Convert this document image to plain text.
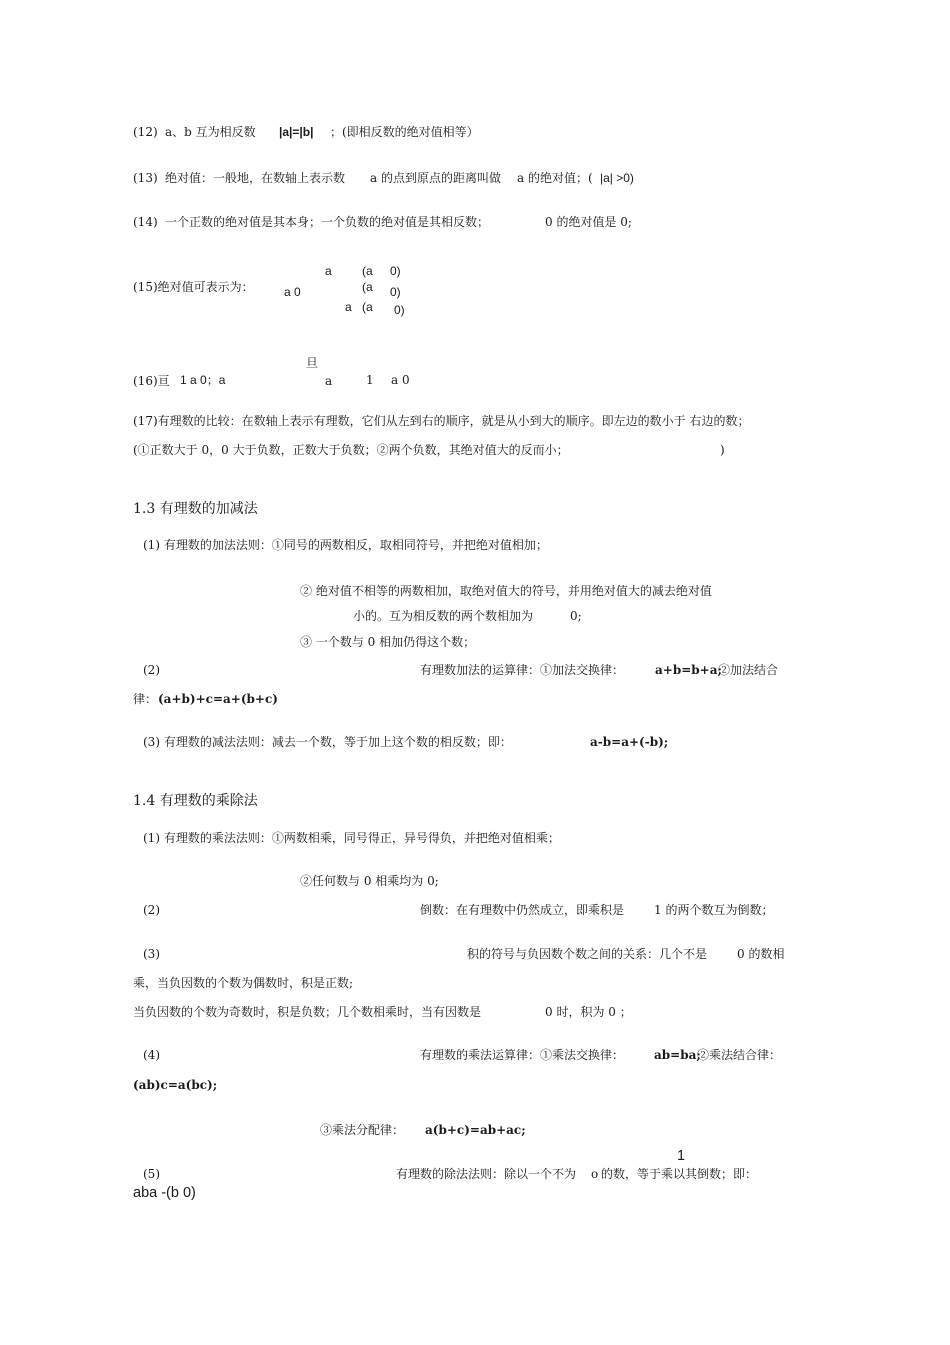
(12) a、b 互为相反数 |a|=|b| ；(即相反数的绝对值相等）
(13) 绝对值：一般地，在数轴上表示数 a 的点到原点的距离叫做 a 的绝对值；( |a| >0)
(14) 一个正数的绝对值是其本身；一个负数的绝对值是其相反数；	0 的绝对值是 0;
(15)绝对值可表示为：	a 0
a	(a 0)
(a 0)
a (a 0)
旦
(16)亘 1 a 0；a	a	1 a 0
(17)有理数的比较：在数轴上表示有理数，它们从左到右的顺序，就是从小到大的顺序。即左边的数小于 右边的数；
(①正数大于 0，0 大于负数，正数大于负数；②两个负数，其绝对值大的反而小；	)
1.3 有理数的加减法
(1) 有理数的加法法则：①同号的两数相反，取相同符号，并把绝对值相加；
② 绝对值不相等的两数相加，取绝对值大的符号，并用绝对值大的减去绝对值
小的。互为相反数的两个数相加为	0;
③ 一个数与 0 相加仍得这个数；
(2)	有理数加法的运算律：①加法交换律：	a+b=b+a;
②加法结合
律： (a+b)+c=a+(b+c)
(3) 有理数的减法法则：减去一个数，等于加上这个数的相反数；即：	a-b=a+(-b);
1.4 有理数的乘除法
(1) 有理数的乘法法则：①两数相乘，同号得正，异号得负，并把绝对值相乘；
②任何数与 0 相乘均为 0;
(2)	倒数：在有理数中仍然成立，即乘积是 1 的两个数互为倒数；
(3)	积的符号与负因数个数之间的关系：几个不是 0 的数相
乘，当负因数的个数为偶数时，积是正数;
当负因数的个数为奇数时，积是负数；几个数相乘时，当有因数是	0 时，积为 0 ；
(4)	有理数的乘法运算律：①乘法交换律： ab=ba;
②乘法结合律：
(ab)c=a(bc);
③乘法分配律： a(b+c)=ab+ac;
1
(5)	有理数的除法法则：除以一个不为 o 的数，等于乘以其倒数；即：
aba -(b 0)
